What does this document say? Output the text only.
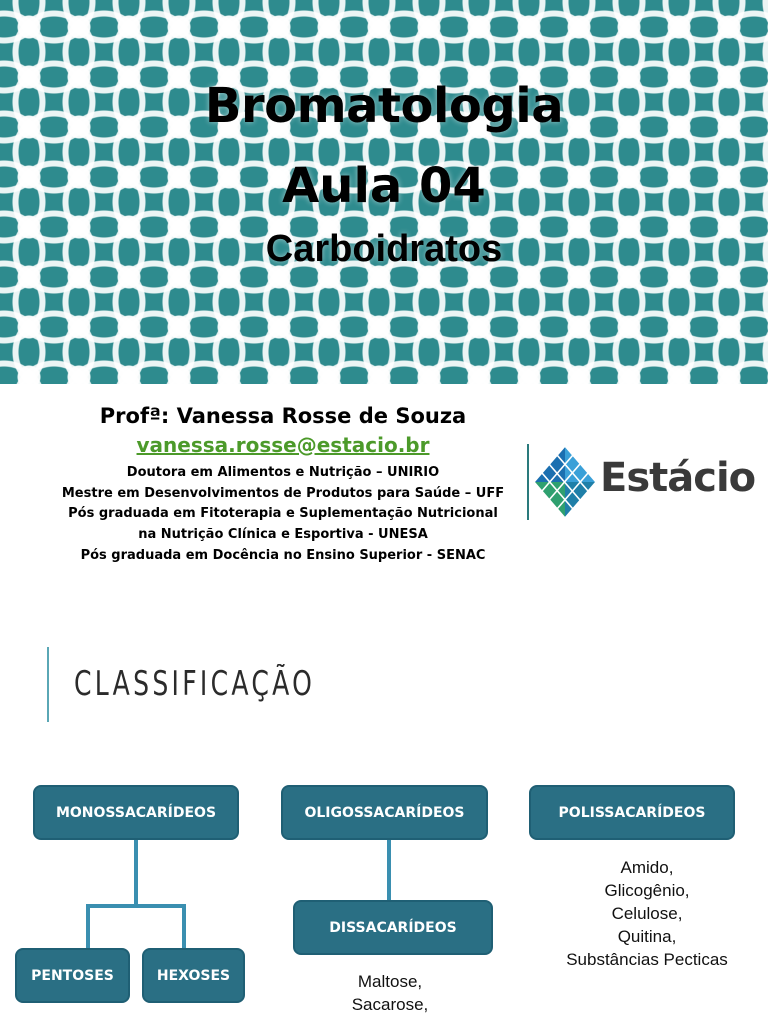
Bromatologia
Aula 04
Carboidratos
Profª: Vanessa Rosse de Souza
vanessa.rosse@estacio.br
Doutora em Alimentos e Nutrição – UNIRIO
Mestre em Desenvolvimentos de Produtos para Saúde – UFF
Pós graduada em Fitoterapia e Suplementação Nutricional
na Nutrição Clínica e Esportiva - UNESA
Pós graduada em Docência no Ensino Superior - SENAC
Estácio
CLASSIFICAÇÃO
MONOSSACARÍDEOS	OLIGOSSACARÍDEOS	POLISSACARÍDEOS
PENTOSES	HEXOSES
DISSACARÍDEOS
Amido,
Glicogênio,
Celulose,
Quitina,
Substâncias Pecticas
Maltose,
Sacarose,
